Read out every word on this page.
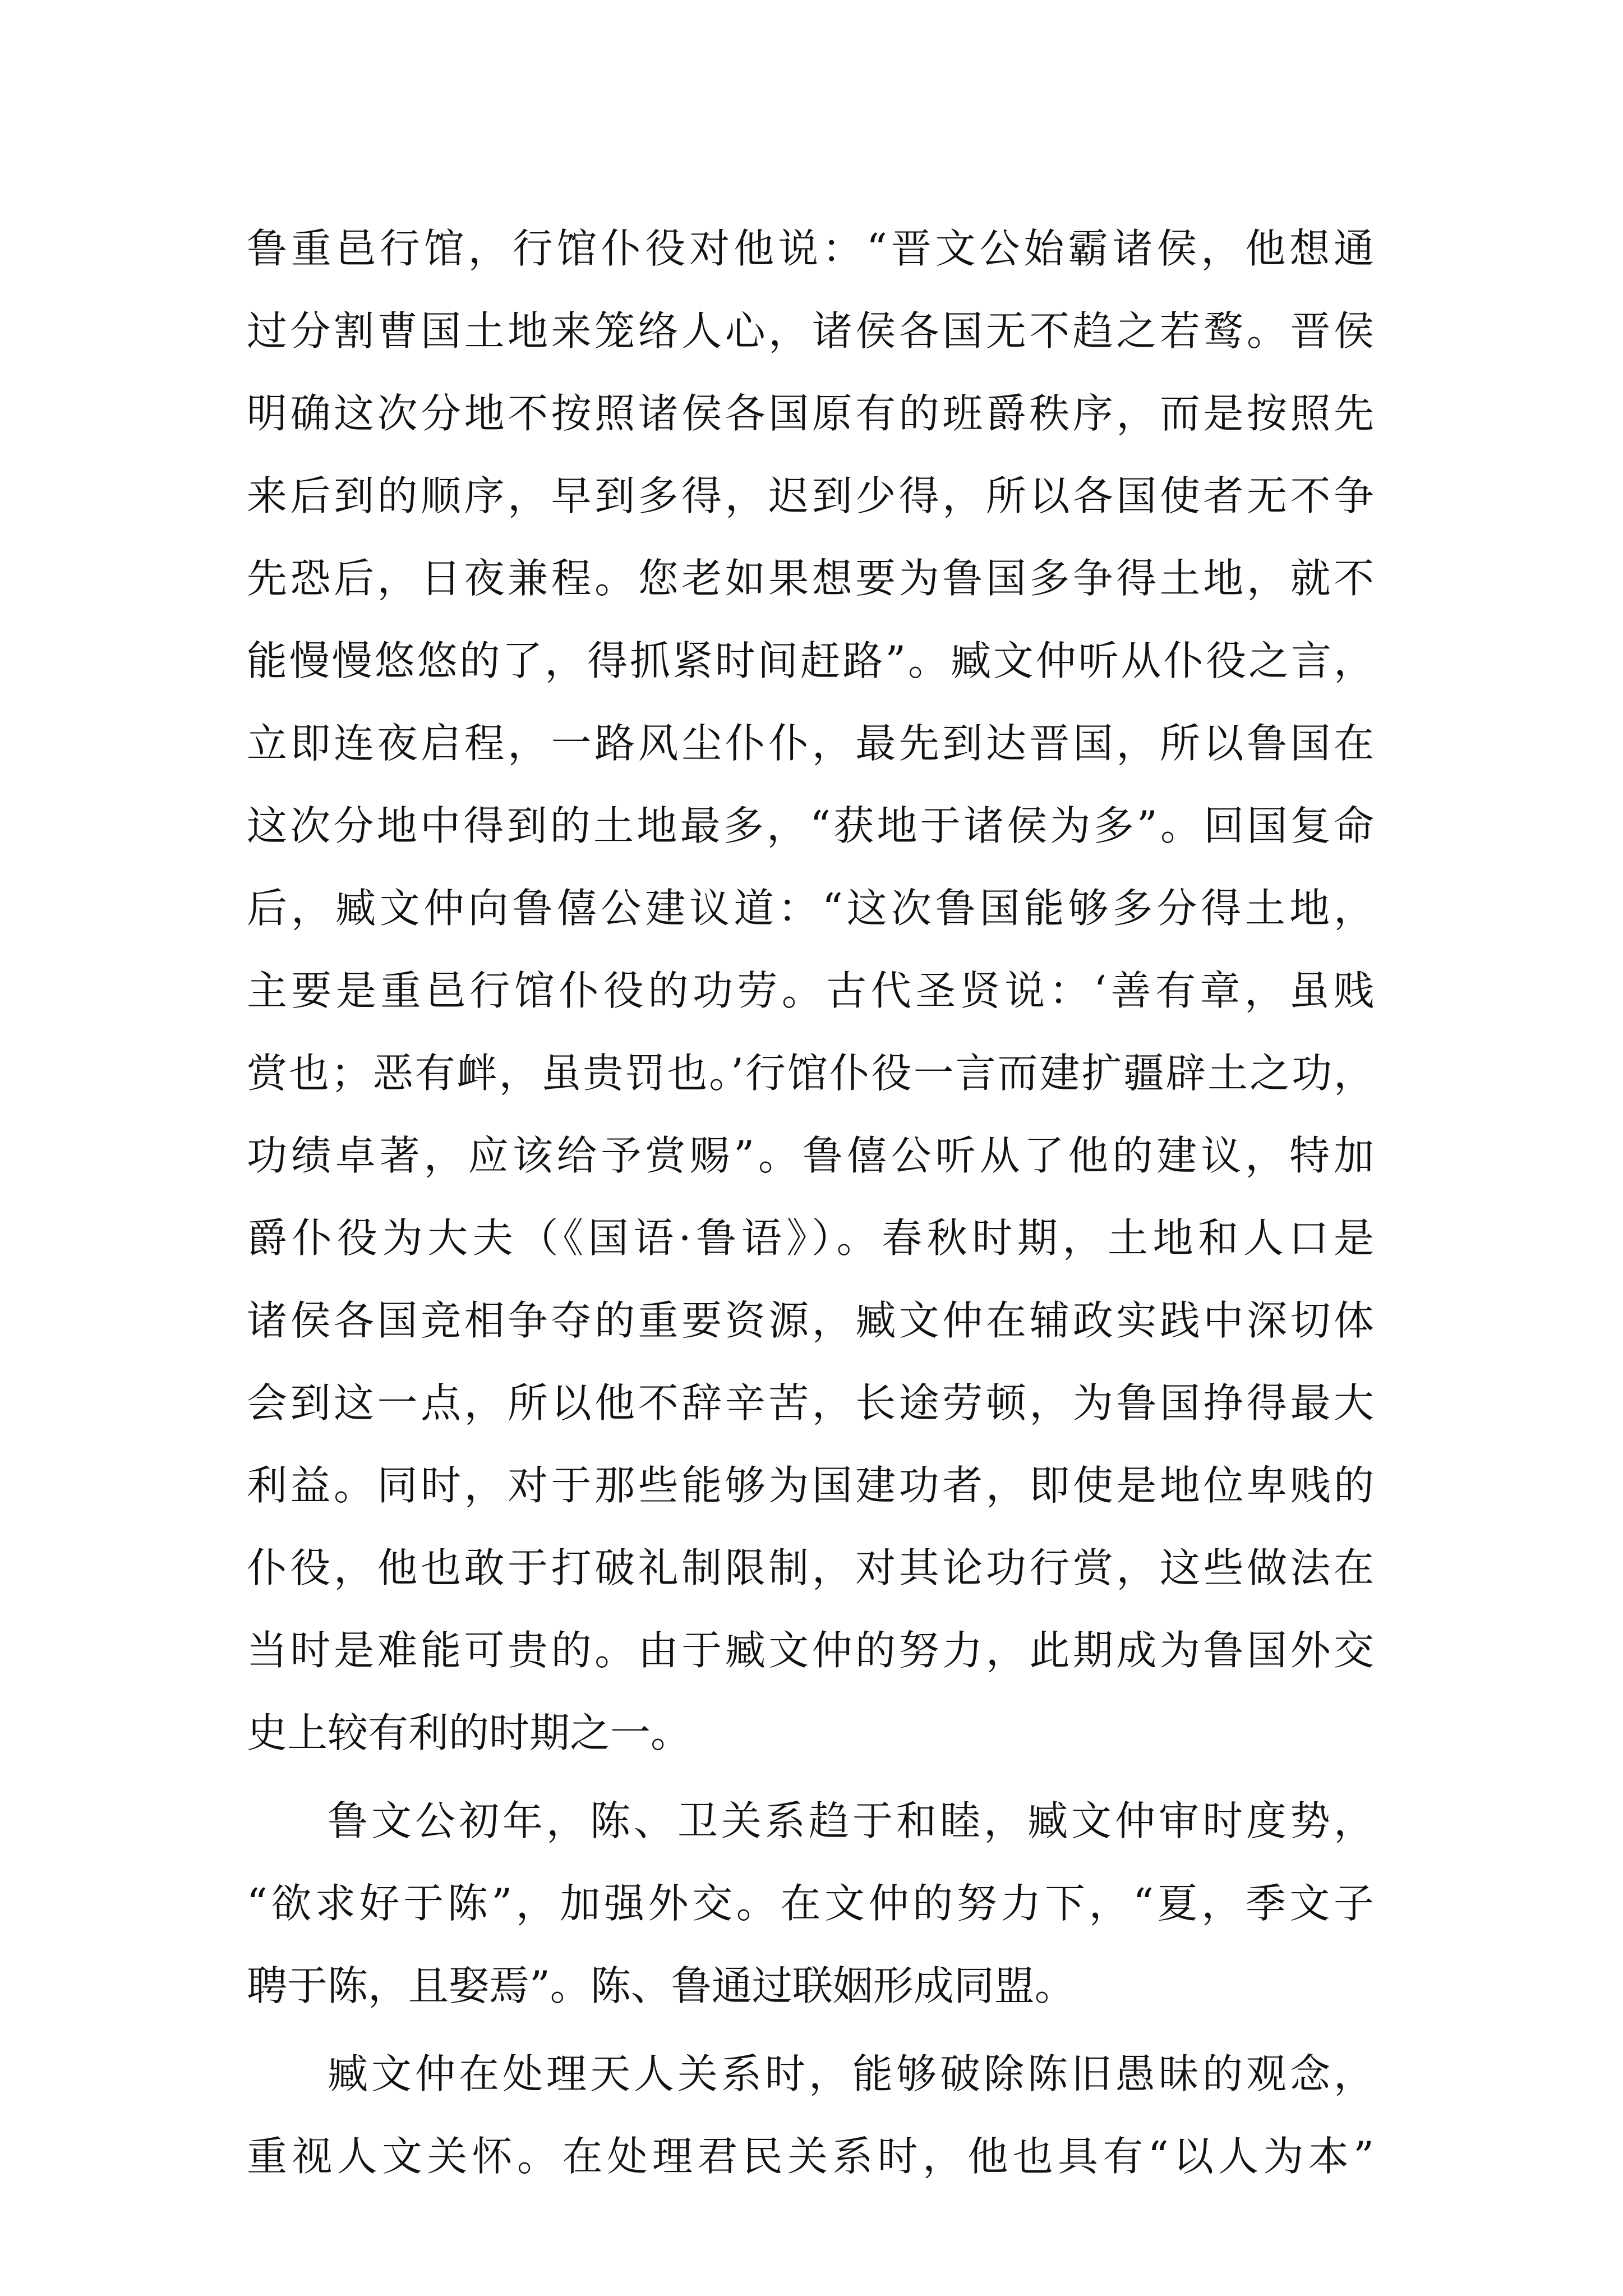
鲁重邑行馆，行馆仆役对他说：“晋文公始霸诸侯，他想通
过分割曹国土地来笼络人心，诸侯各国无不趋之若鹜。晋侯
明确这次分地不按照诸侯各国原有的班爵秩序，而是按照先
来后到的顺序，早到多得，迟到少得，所以各国使者无不争
先恐后，日夜兼程。您老如果想要为鲁国多争得土地，就不
能慢慢悠悠的了，得抓紧时间赶路”。臧文仲听从仆役之言，
立即连夜启程，一路风尘仆仆，最先到达晋国，所以鲁国在
这次分地中得到的土地最多，“获地于诸侯为多”。回国复命
后，臧文仲向鲁僖公建议道：“这次鲁国能够多分得土地，
主要是重邑行馆仆役的功劳。古代圣贤说：‘善有章，虽贱
赏也；恶有衅，虽贵罚也。’行馆仆役一言而建扩疆辟土之功，
功绩卓著，应该给予赏赐”。鲁僖公听从了他的建议，特加
爵仆役为大夫（《国语·鲁语》）。春秋时期，土地和人口是
诸侯各国竞相争夺的重要资源，臧文仲在辅政实践中深切体
会到这一点，所以他不辞辛苦，长途劳顿，为鲁国挣得最大
利益。同时，对于那些能够为国建功者，即使是地位卑贱的
仆役，他也敢于打破礼制限制，对其论功行赏，这些做法在
当时是难能可贵的。由于臧文仲的努力，此期成为鲁国外交
史上较有利的时期之一。
鲁文公初年，陈、卫关系趋于和睦，臧文仲审时度势，
“欲求好于陈”，加强外交。在文仲的努力下，“夏，季文子
聘于陈，且娶焉”。陈、鲁通过联姻形成同盟。
臧文仲在处理天人关系时，能够破除陈旧愚昧的观念，
重视人文关怀。在处理君民关系时，他也具有“以人为本”
